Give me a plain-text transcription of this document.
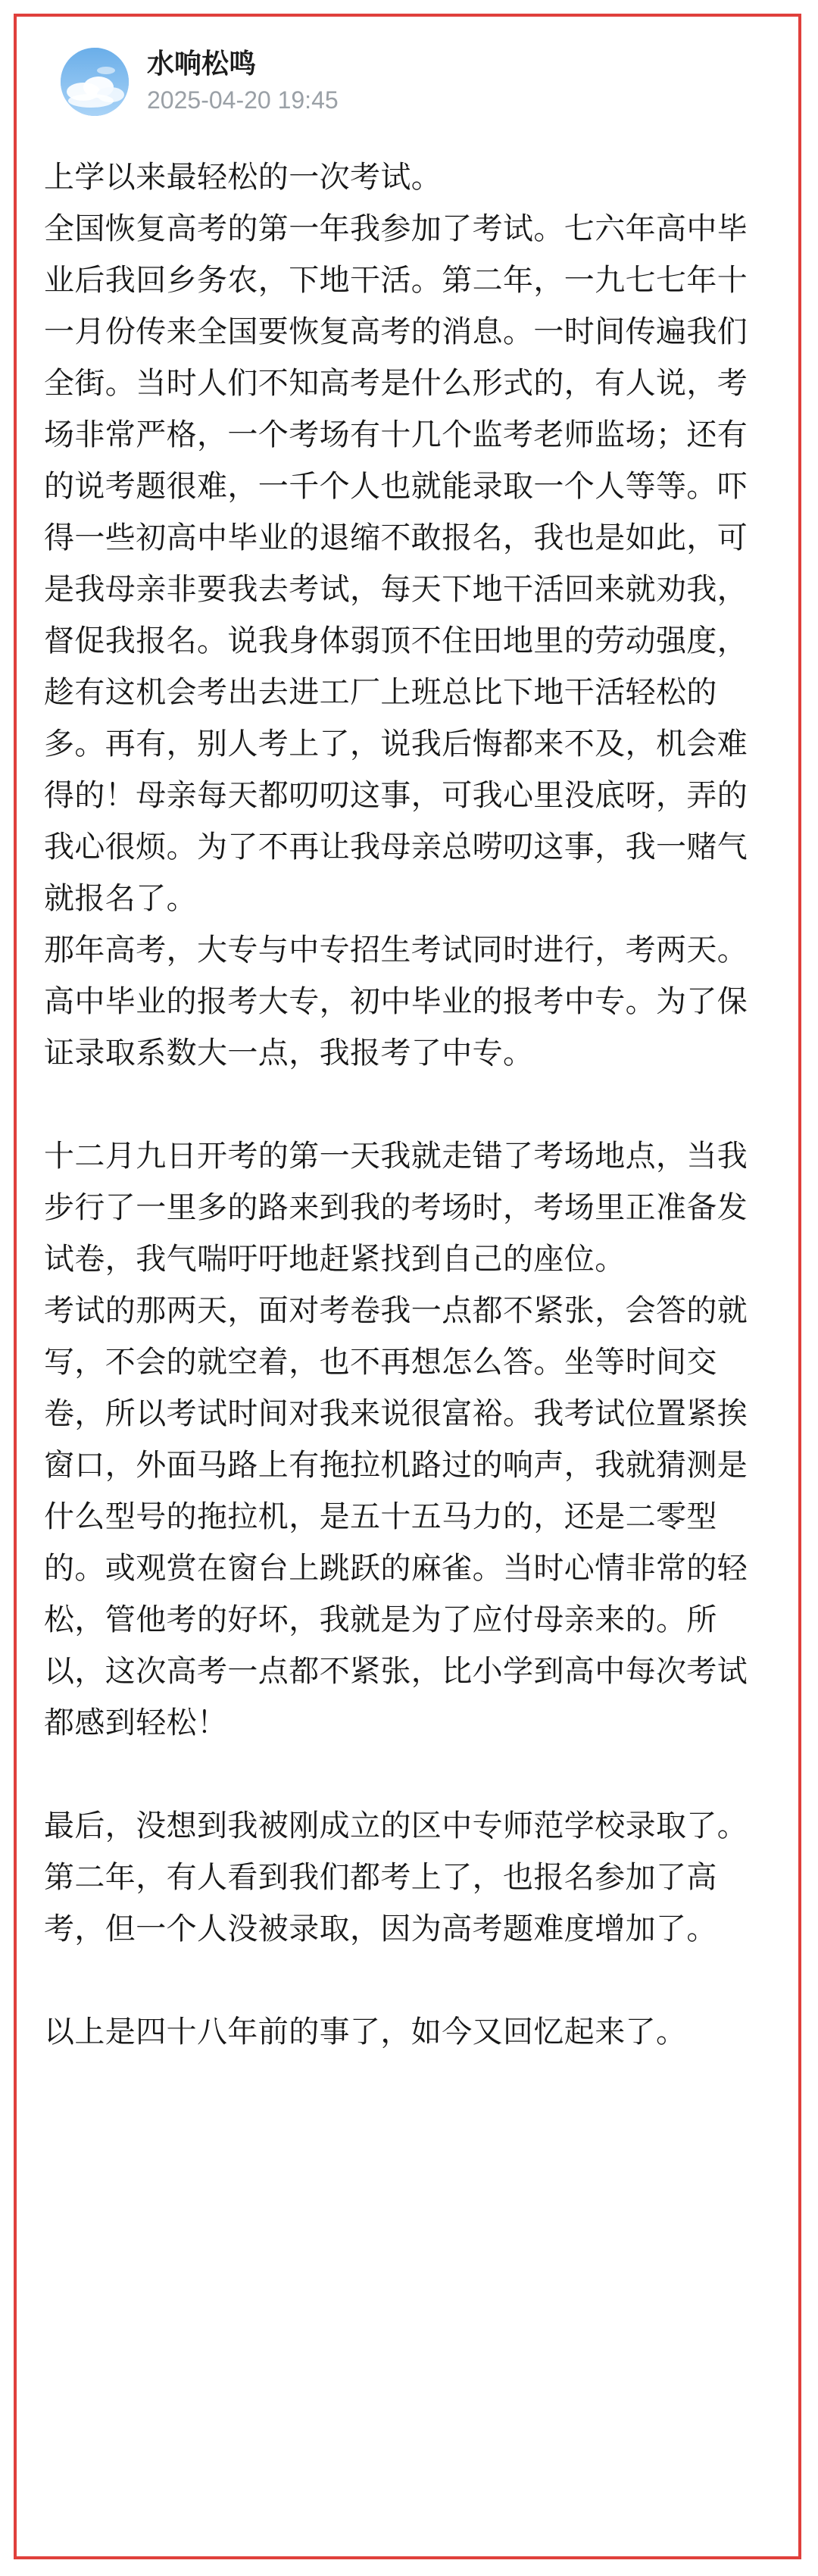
水响松鸣
2025-04-20 19:45

上学以来最轻松的一次考试。

全国恢复高考的第一年我参加了考试。七六年高中毕业后我回乡务农，下地干活。第二年，一九七七年十一月份传来全国要恢复高考的消息。一时间传遍我们全街。当时人们不知高考是什么形式的，有人说，考场非常严格，一个考场有十几个监考老师监场；还有的说考题很难，一千个人也就能录取一个人等等。吓得一些初高中毕业的退缩不敢报名，我也是如此，可是我母亲非要我去考试，每天下地干活回来就劝我，督促我报名。说我身体弱顶不住田地里的劳动强度，趁有这机会考出去进工厂上班总比下地干活轻松的多。再有，别人考上了，说我后悔都来不及，机会难得的！母亲每天都叨叨这事，可我心里没底呀，弄的我心很烦。为了不再让我母亲总唠叨这事，我一赌气就报名了。

那年高考，大专与中专招生考试同时进行，考两天。高中毕业的报考大专，初中毕业的报考中专。为了保证录取系数大一点，我报考了中专。

十二月九日开考的第一天我就走错了考场地点，当我步行了一里多的路来到我的考场时，考场里正准备发试卷，我气喘吁吁地赶紧找到自己的座位。

考试的那两天，面对考卷我一点都不紧张，会答的就写，不会的就空着，也不再想怎么答。坐等时间交卷，所以考试时间对我来说很富裕。我考试位置紧挨窗口，外面马路上有拖拉机路过的响声，我就猜测是什么型号的拖拉机，是五十五马力的，还是二零型的。或观赏在窗台上跳跃的麻雀。当时心情非常的轻松，管他考的好坏，我就是为了应付母亲来的。所以，这次高考一点都不紧张，比小学到高中每次考试都感到轻松！

最后，没想到我被刚成立的区中专师范学校录取了。

第二年，有人看到我们都考上了，也报名参加了高考，但一个人没被录取，因为高考题难度增加了。

以上是四十八年前的事了，如今又回忆起来了。
